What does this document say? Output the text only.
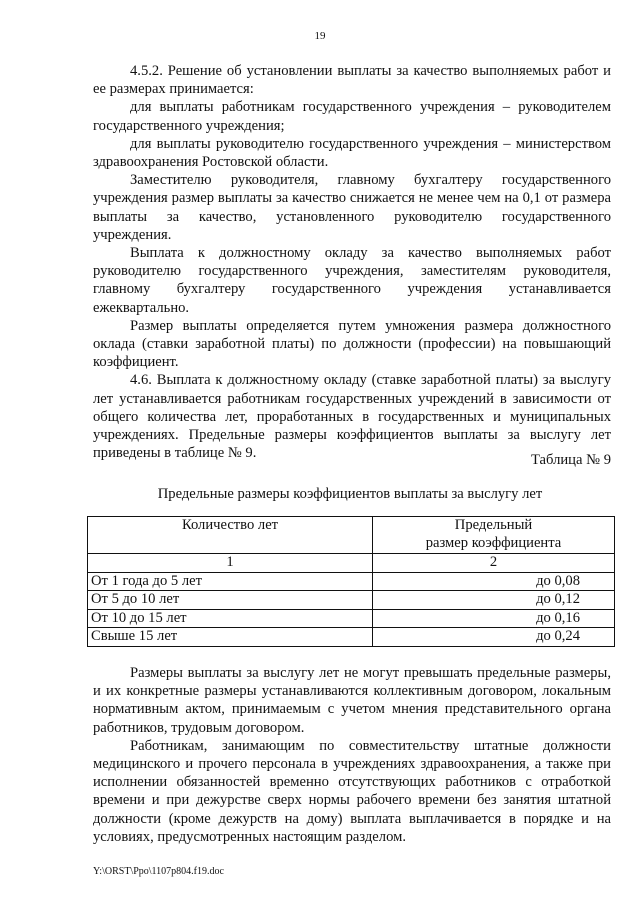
19

4.5.2. Решение об установлении выплаты за качество выполняемых работ и ее размерах принимается:

для выплаты работникам государственного учреждения – руководителем государственного учреждения;

для выплаты руководителю государственного учреждения – министерством здравоохранения Ростовской области.

Заместителю руководителя, главному бухгалтеру государственного учреждения размер выплаты за качество снижается не менее чем на 0,1 от размера выплаты за качество, установленного руководителю государственного учреждения.

Выплата к должностному окладу за качество выполняемых работ руководителю государственного учреждения, заместителям руководителя, главному бухгалтеру государственного учреждения устанавливается ежеквартально.

Размер выплаты определяется путем умножения размера должностного оклада (ставки заработной платы) по должности (профессии) на повышающий коэффициент.

4.6. Выплата к должностному окладу (ставке заработной платы) за выслугу лет устанавливается работникам государственных учреждений в зависимости от общего количества лет, проработанных в государственных и муниципальных учреждениях. Предельные размеры коэффициентов выплаты за выслугу лет приведены в таблице № 9.	Таблица № 9
Предельные размеры коэффициентов выплаты за выслугу лет
Количество лет	Предельный
размер коэффициента

1	2
От 1 года до 5 лет	до 0,08
От 5 до 10 лет	до 0,12
От 10 до 15 лет	до 0,16
Свыше 15 лет	до 0,24

Размеры выплаты за выслугу лет не могут превышать предельные размеры, и их конкретные размеры устанавливаются коллективным договором, локальным нормативным актом, принимаемым с учетом мнения представительного органа работников, трудовым договором.

Работникам, занимающим по совместительству штатные должности медицинского и прочего персонала в учреждениях здравоохранения, а также при исполнении обязанностей временно отсутствующих работников с отработкой времени и при дежурстве сверх нормы рабочего времени без занятия штатной должности (кроме дежурств на дому) выплата выплачивается в порядке и на условиях, предусмотренных настоящим разделом.

Y:\ORST\Ppo\1107p804.f19.doc
